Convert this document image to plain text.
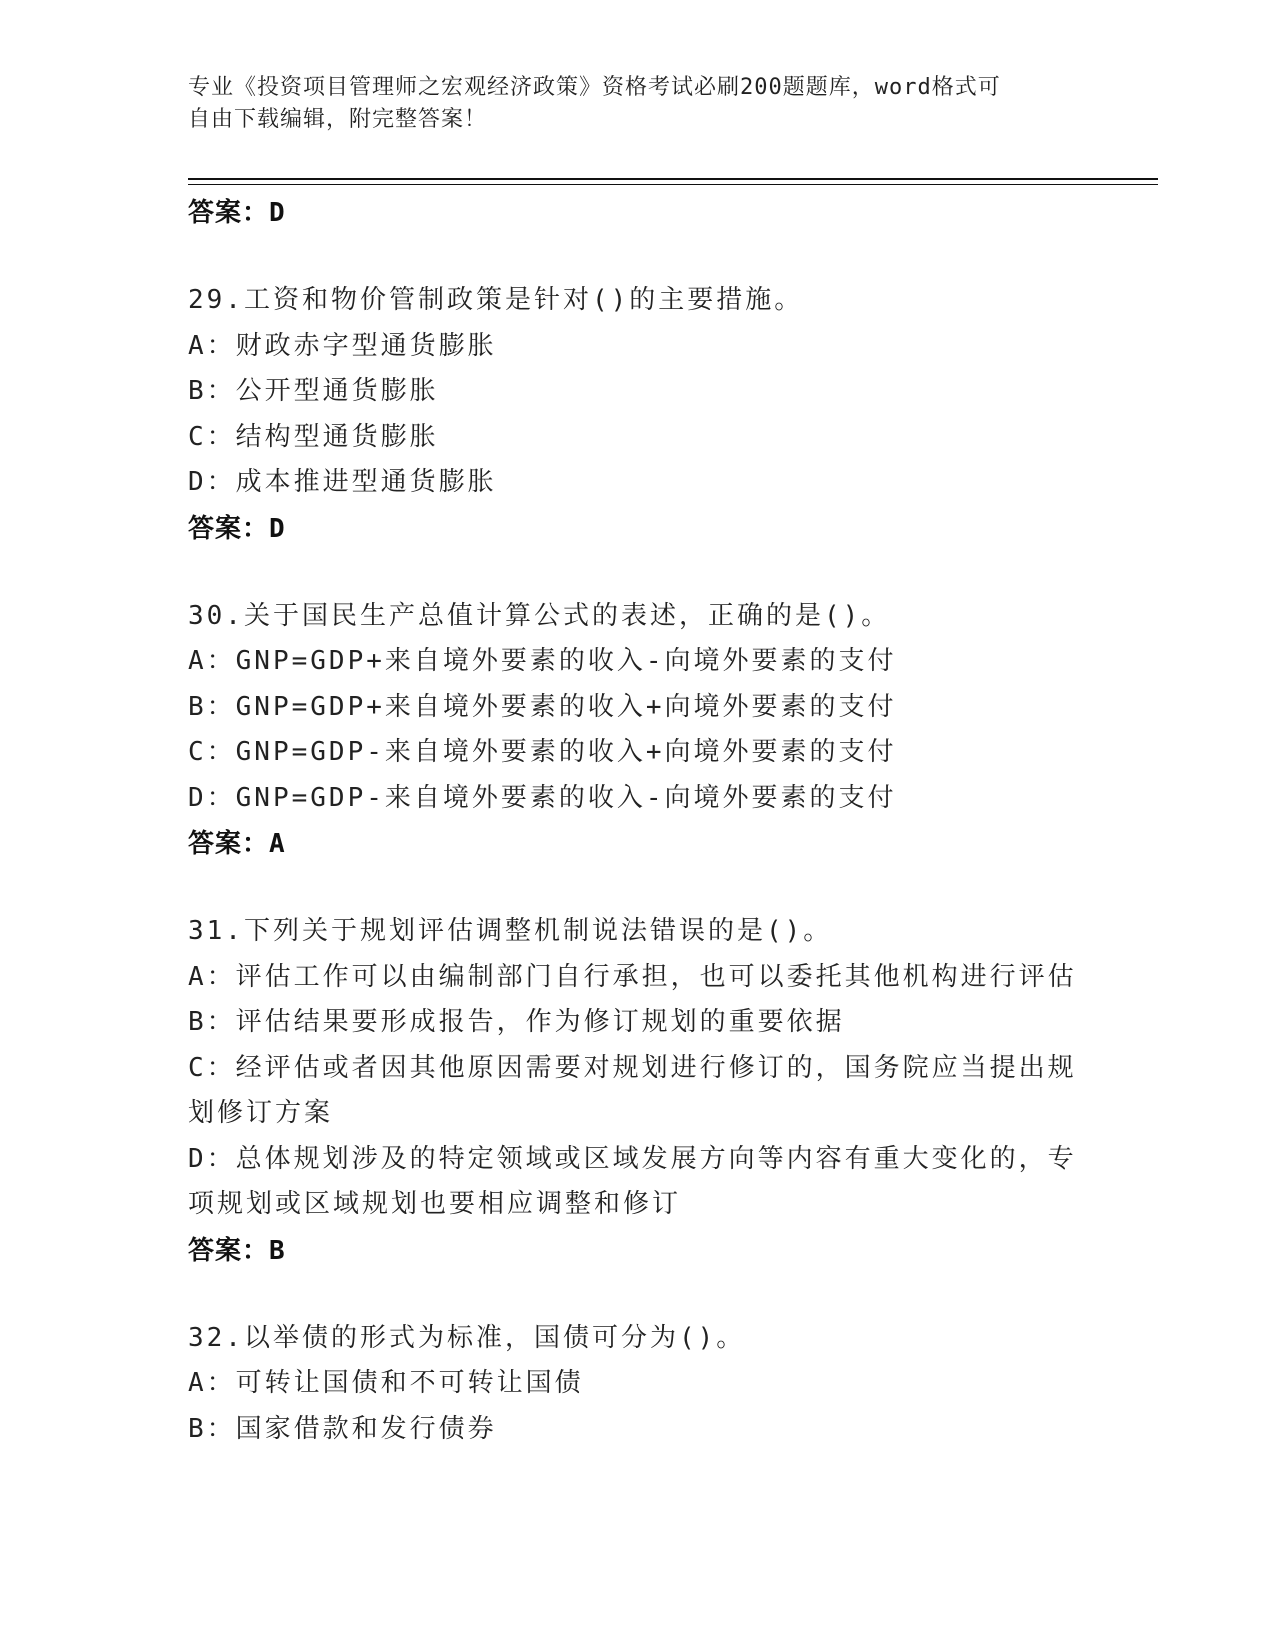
专业《投资项目管理师之宏观经济政策》资格考试必刷200题题库，word格式可
自由下载编辑，附完整答案！
答案：D
29.工资和物价管制政策是针对()的主要措施。
A：财政赤字型通货膨胀
B：公开型通货膨胀
C：结构型通货膨胀
D：成本推进型通货膨胀
答案：D
30.关于国民生产总值计算公式的表述，正确的是()。
A：GNP=GDP+来自境外要素的收入-向境外要素的支付
B：GNP=GDP+来自境外要素的收入+向境外要素的支付
C：GNP=GDP-来自境外要素的收入+向境外要素的支付
D：GNP=GDP-来自境外要素的收入-向境外要素的支付
答案：A
31.下列关于规划评估调整机制说法错误的是()。
A：评估工作可以由编制部门自行承担，也可以委托其他机构进行评估
B：评估结果要形成报告，作为修订规划的重要依据
C：经评估或者因其他原因需要对规划进行修订的，国务院应当提出规划修订方案
D：总体规划涉及的特定领域或区域发展方向等内容有重大变化的，专项规划或区域规划也要相应调整和修订
答案：B
32.以举债的形式为标准，国债可分为()。
A：可转让国债和不可转让国债
B：国家借款和发行债券
